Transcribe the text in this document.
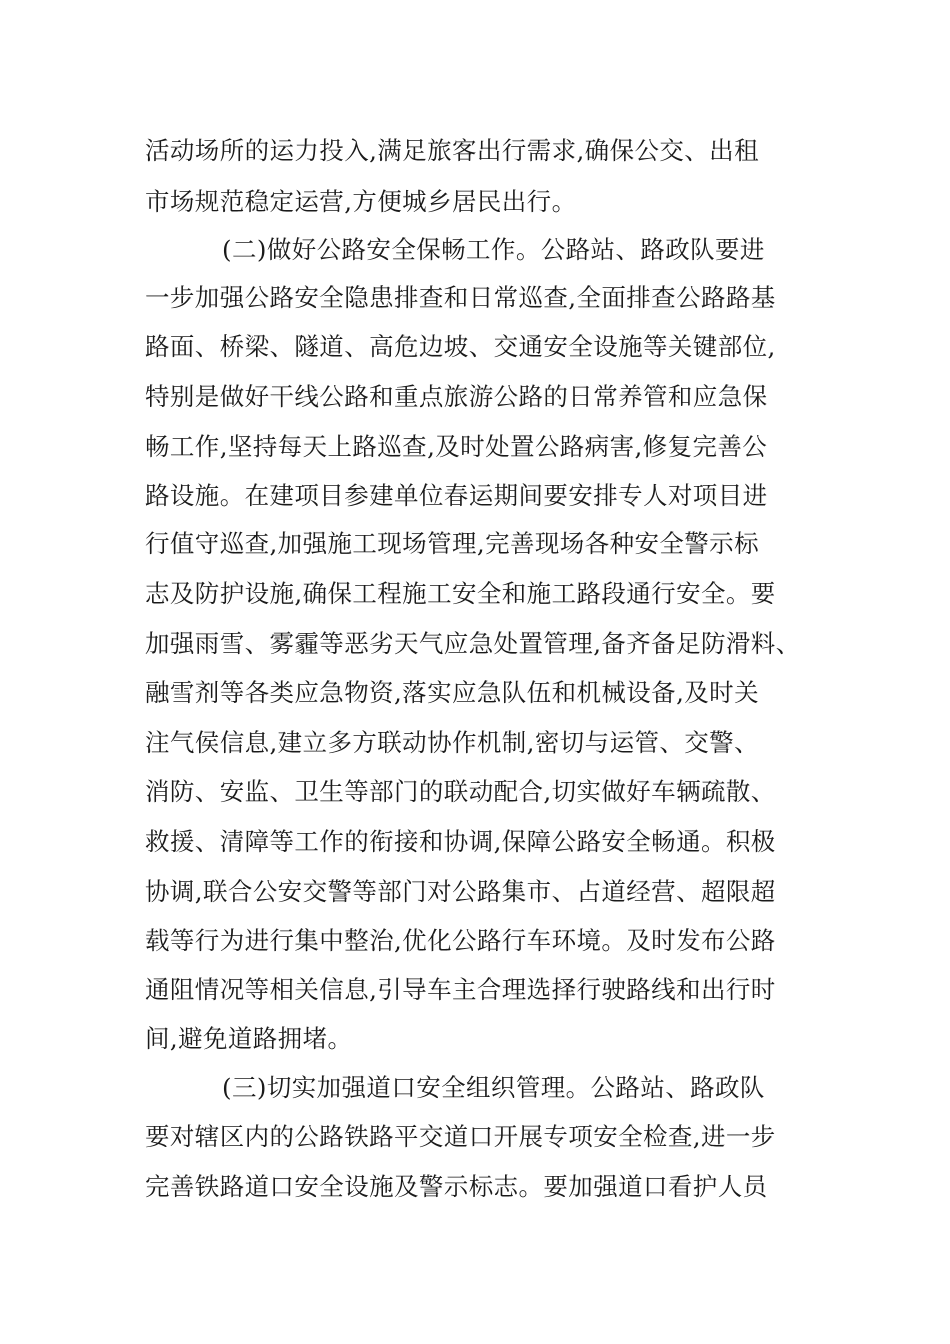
活动场所的运力投入,满足旅客出行需求,确保公交、出租
市场规范稳定运营,方便城乡居民出行。
(二)做好公路安全保畅工作。公路站、路政队要进
一步加强公路安全隐患排查和日常巡查,全面排查公路路基
路面、桥梁、隧道、高危边坡、交通安全设施等关键部位,
特别是做好干线公路和重点旅游公路的日常养管和应急保
畅工作,坚持每天上路巡查,及时处置公路病害,修复完善公
路设施。在建项目参建单位春运期间要安排专人对项目进
行值守巡查,加强施工现场管理,完善现场各种安全警示标
志及防护设施,确保工程施工安全和施工路段通行安全。要
加强雨雪、雾霾等恶劣天气应急处置管理,备齐备足防滑料、
融雪剂等各类应急物资,落实应急队伍和机械设备,及时关
注气侯信息,建立多方联动协作机制,密切与运管、交警、
消防、安监、卫生等部门的联动配合,切实做好车辆疏散、
救援、清障等工作的衔接和协调,保障公路安全畅通。积极
协调,联合公安交警等部门对公路集市、占道经营、超限超
载等行为进行集中整治,优化公路行车环境。及时发布公路
通阻情况等相关信息,引导车主合理选择行驶路线和出行时
间,避免道路拥堵。
(三)切实加强道口安全组织管理。公路站、路政队
要对辖区内的公路铁路平交道口开展专项安全检查,进一步
完善铁路道口安全设施及警示标志。要加强道口看护人员
